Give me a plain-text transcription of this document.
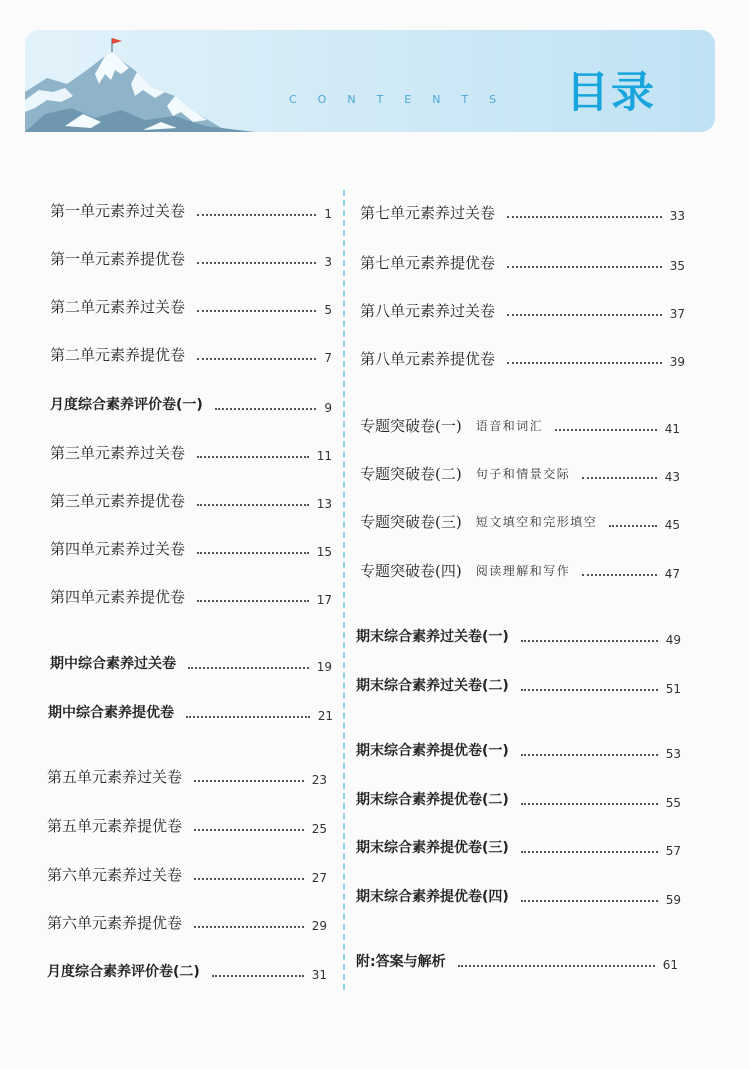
CONTENTS 目录
第一单元素养过关卷	1
第一单元素养提优卷	3
第二单元素养过关卷	5
第二单元素养提优卷	7
月度综合素养评价卷(一)	9
第三单元素养过关卷	11
第三单元素养提优卷	13
第四单元素养过关卷	15
第四单元素养提优卷	17
期中综合素养过关卷	19
期中综合素养提优卷	21
第五单元素养过关卷	23
第五单元素养提优卷	25
第六单元素养过关卷	27
第六单元素养提优卷	29
月度综合素养评价卷(二)	31
第七单元素养过关卷	33
第七单元素养提优卷	35
第八单元素养过关卷	37
第八单元素养提优卷	39
专题突破卷(一) 语音和词汇	41
专题突破卷(二) 句子和情景交际	43
专题突破卷(三) 短文填空和完形填空	45
专题突破卷(四) 阅读理解和写作	47
期末综合素养过关卷(一)	49
期末综合素养过关卷(二)	51
期末综合素养提优卷(一)	53
期末综合素养提优卷(二)	55
期末综合素养提优卷(三)	57
期末综合素养提优卷(四)	59
附:答案与解析	61
